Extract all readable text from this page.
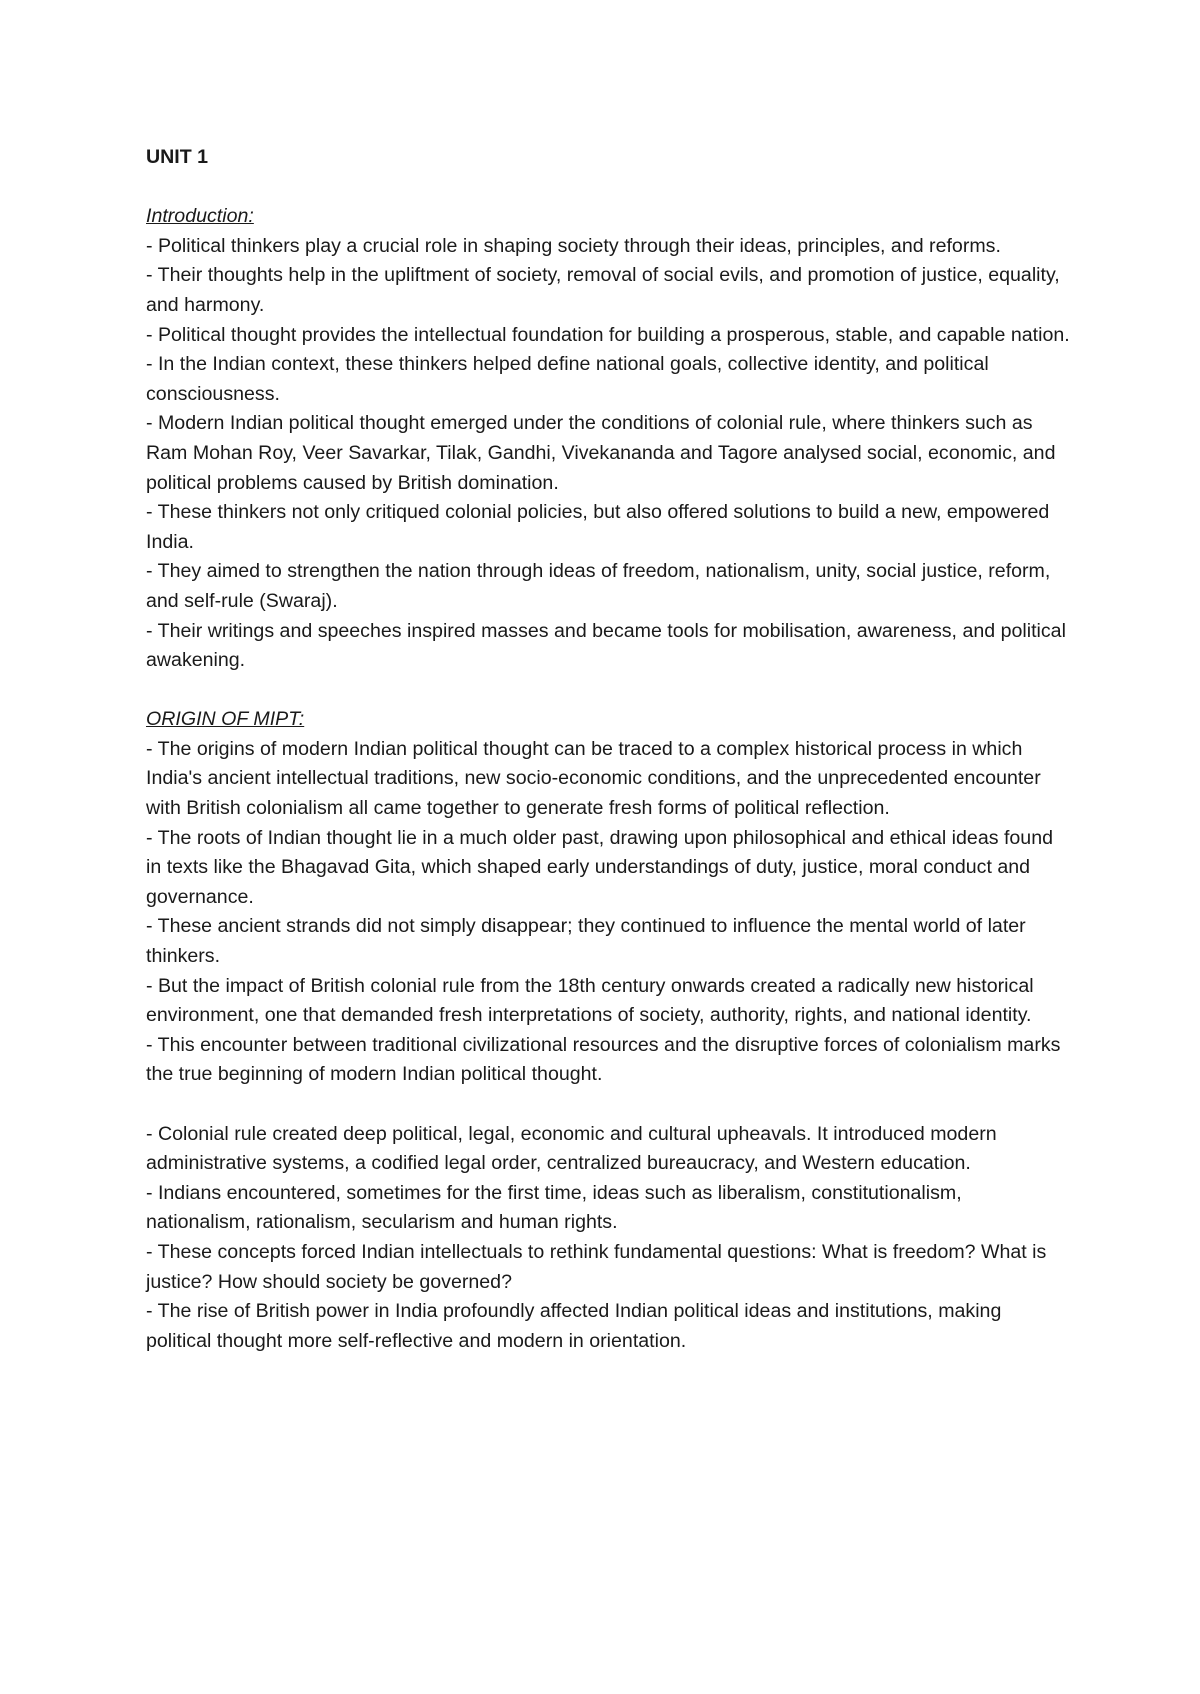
UNIT 1

Introduction:

- Political thinkers play a crucial role in shaping society through their ideas, principles, and reforms.

- Their thoughts help in the upliftment of society, removal of social evils, and promotion of justice, equality, and harmony.

- Political thought provides the intellectual foundation for building a prosperous, stable, and capable nation.

- In the Indian context, these thinkers helped define national goals, collective identity, and political consciousness.

- Modern Indian political thought emerged under the conditions of colonial rule, where thinkers such as Ram Mohan Roy, Veer Savarkar, Tilak, Gandhi, Vivekananda and Tagore analysed social, economic, and political problems caused by British domination.

- These thinkers not only critiqued colonial policies, but also offered solutions to build a new, empowered India.

- They aimed to strengthen the nation through ideas of freedom, nationalism, unity, social justice, reform, and self-rule (Swaraj).

- Their writings and speeches inspired masses and became tools for mobilisation, awareness, and political awakening.

ORIGIN OF MIPT:

- The origins of modern Indian political thought can be traced to a complex historical process in which India's ancient intellectual traditions, new socio-economic conditions, and the unprecedented encounter with British colonialism all came together to generate fresh forms of political reflection.

- The roots of Indian thought lie in a much older past, drawing upon philosophical and ethical ideas found in texts like the Bhagavad Gita, which shaped early understandings of duty, justice, moral conduct and governance.

- These ancient strands did not simply disappear; they continued to influence the mental world of later thinkers.

- But the impact of British colonial rule from the 18th century onwards created a radically new historical environment, one that demanded fresh interpretations of society, authority, rights, and national identity.

- This encounter between traditional civilizational resources and the disruptive forces of colonialism marks the true beginning of modern Indian political thought.

- Colonial rule created deep political, legal, economic and cultural upheavals. It introduced modern administrative systems, a codified legal order, centralized bureaucracy, and Western education.

- Indians encountered, sometimes for the first time, ideas such as liberalism, constitutionalism, nationalism, rationalism, secularism and human rights.

- These concepts forced Indian intellectuals to rethink fundamental questions: What is freedom? What is justice? How should society be governed?

- The rise of British power in India profoundly affected Indian political ideas and institutions, making political thought more self-reflective and modern in orientation.
